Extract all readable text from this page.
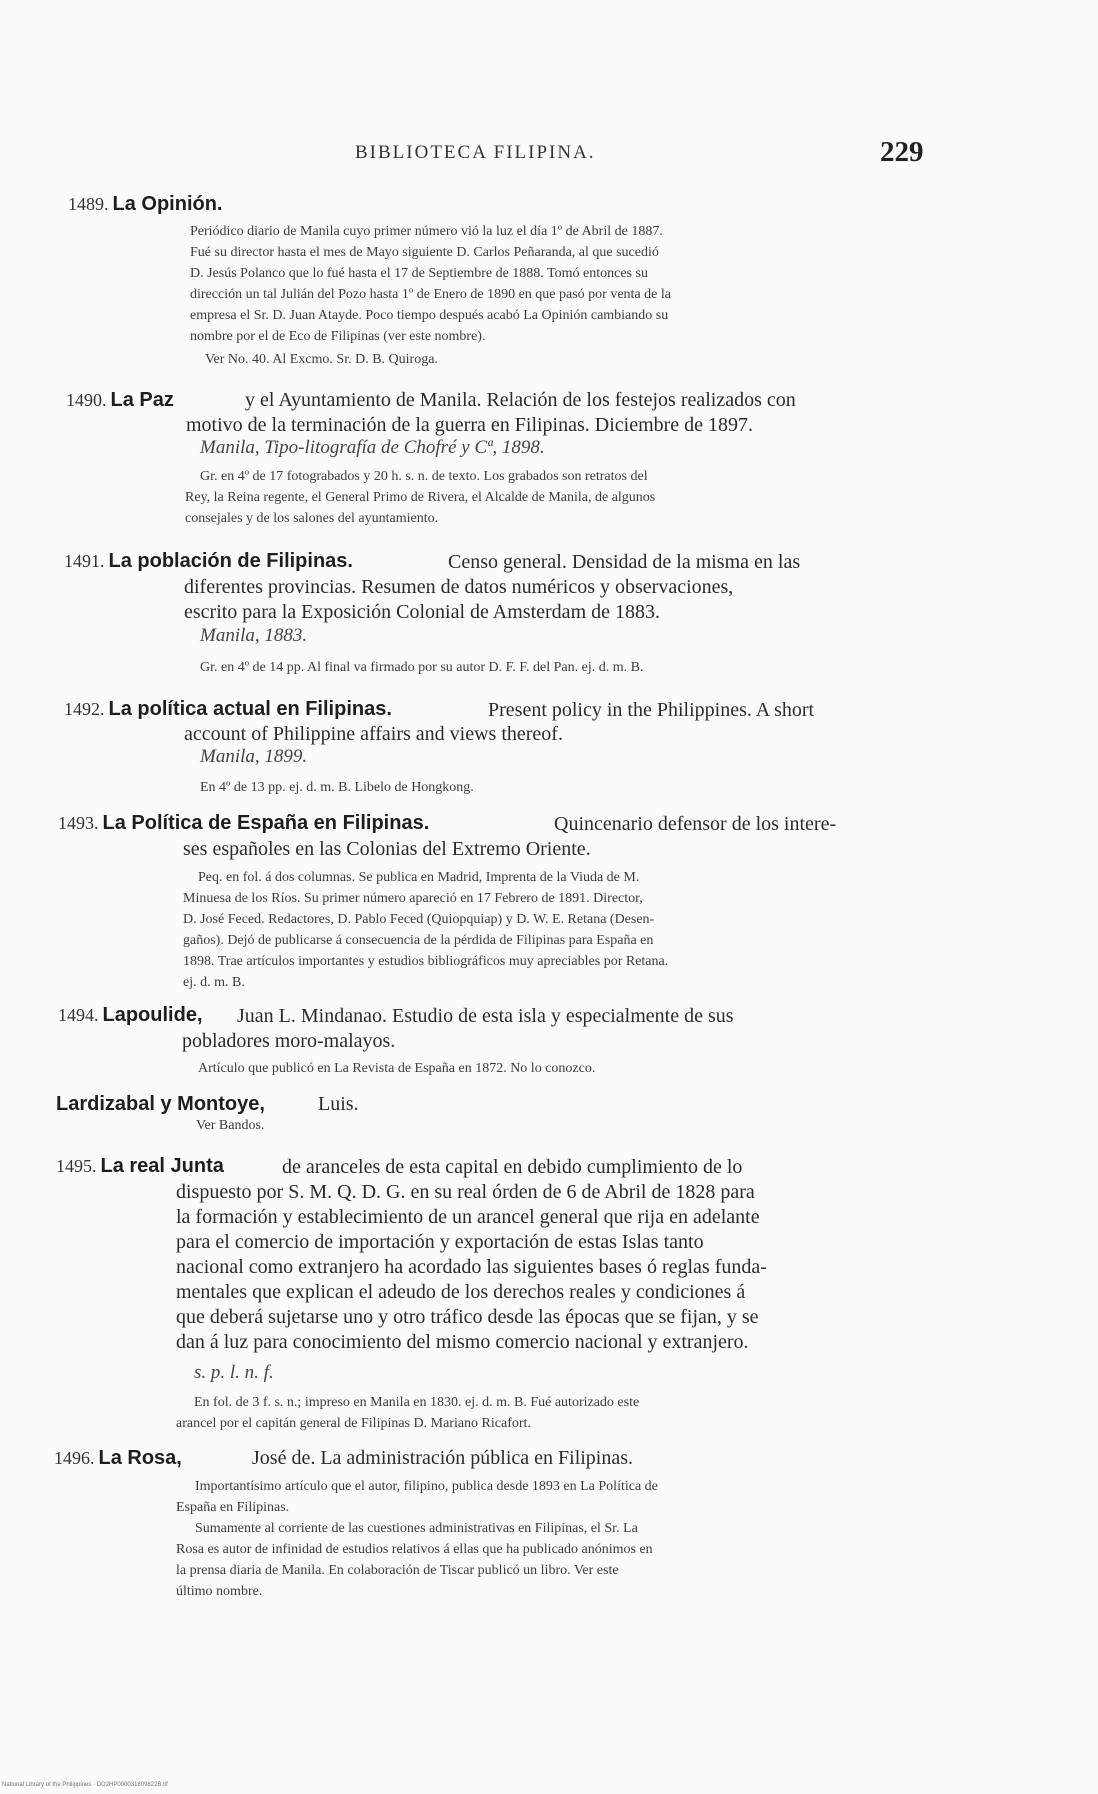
BIBLIOTECA FILIPINA.	229
1489. La Opinión.
Periódico diario de Manila cuyo primer número vió la luz el día 1º de Abril de 1887.
Fué su director hasta el mes de Mayo siguiente D. Carlos Peñaranda, al que sucedió
D. Jesús Polanco que lo fué hasta el 17 de Septiembre de 1888. Tomó entonces su
dirección un tal Julián del Pozo hasta 1º de Enero de 1890 en que pasó por venta de la
empresa el Sr. D. Juan Atayde. Poco tiempo después acabó La Opinión cambiando su
nombre por el de Eco de Filipinas (ver este nombre).
Ver No. 40. Al Excmo. Sr. D. B. Quiroga.
1490. La Paz	y el Ayuntamiento de Manila. Relación de los festejos realizados con
motivo de la terminación de la guerra en Filipinas. Diciembre de 1897.
Manila, Tipo-litografía de Chofré y Cª, 1898.
Gr. en 4º de 17 fotograbados y 20 h. s. n. de texto. Los grabados son retratos del
Rey, la Reina regente, el General Primo de Rivera, el Alcalde de Manila, de algunos
consejales y de los salones del ayuntamiento.
1491. La población de Filipinas.	Censo general. Densidad de la misma en las
diferentes provincias. Resumen de datos numéricos y observaciones,
escrito para la Exposición Colonial de Amsterdam de 1883.
Manila, 1883.
Gr. en 4º de 14 pp. Al final va firmado por su autor D. F. F. del Pan. ej. d. m. B.
1492. La política actual en Filipinas.	Present policy in the Philippines. A short
account of Philippine affairs and views thereof.
Manila, 1899.
En 4º de 13 pp. ej. d. m. B. Libelo de Hongkong.
1493. La Política de España en Filipinas.	Quincenario defensor de los intere-
ses españoles en las Colonias del Extremo Oriente.
Peq. en fol. á dos columnas. Se publica en Madrid, Imprenta de la Viuda de M.
Minuesa de los Ríos. Su primer número apareció en 17 Febrero de 1891. Director,
D. José Feced. Redactores, D. Pablo Feced (Quiopquiap) y D. W. E. Retana (Desen-
gaños). Dejó de publicarse á consecuencia de la pérdida de Filipinas para España en
1898. Trae artículos importantes y estudios bibliográficos muy apreciables por Retana.
ej. d. m. B.
1494. Lapoulide, Juan L. Mindanao. Estudio de esta isla y especialmente de sus
pobladores moro-malayos.
Artículo que publicó en La Revista de España en 1872. No lo conozco.
Lardizabal y Montoye,	Luis.
Ver Bandos.
1495. La real Junta	de aranceles de esta capital en debido cumplimiento de lo
dispuesto por S. M. Q. D. G. en su real órden de 6 de Abril de 1828 para
la formación y establecimiento de un arancel general que rija en adelante
para el comercio de importación y exportación de estas Islas tanto
nacional como extranjero ha acordado las siguientes bases ó reglas funda-
mentales que explican el adeudo de los derechos reales y condiciones á
que deberá sujetarse uno y otro tráfico desde las épocas que se fijan, y se
dan á luz para conocimiento del mismo comercio nacional y extranjero.
s. p. l. n. f.
En fol. de 3 f. s. n.; impreso en Manila en 1830. ej. d. m. B. Fué autorizado este
arancel por el capitán general de Filipinas D. Mariano Ricafort.
1496. La Rosa,	José de. La administración pública en Filipinas.
Importantísimo artículo que el autor, filipino, publica desde 1893 en La Política de
España en Filipinas.
Sumamente al corriente de las cuestiones administrativas en Filipinas, el Sr. La
Rosa es autor de infinidad de estudios relativos á ellas que ha publicado anónimos en
la prensa diaria de Manila. En colaboración de Tiscar publicó un libro. Ver este
último nombre.
National Library of the Philippines · DO2HP000031809822B.tif
